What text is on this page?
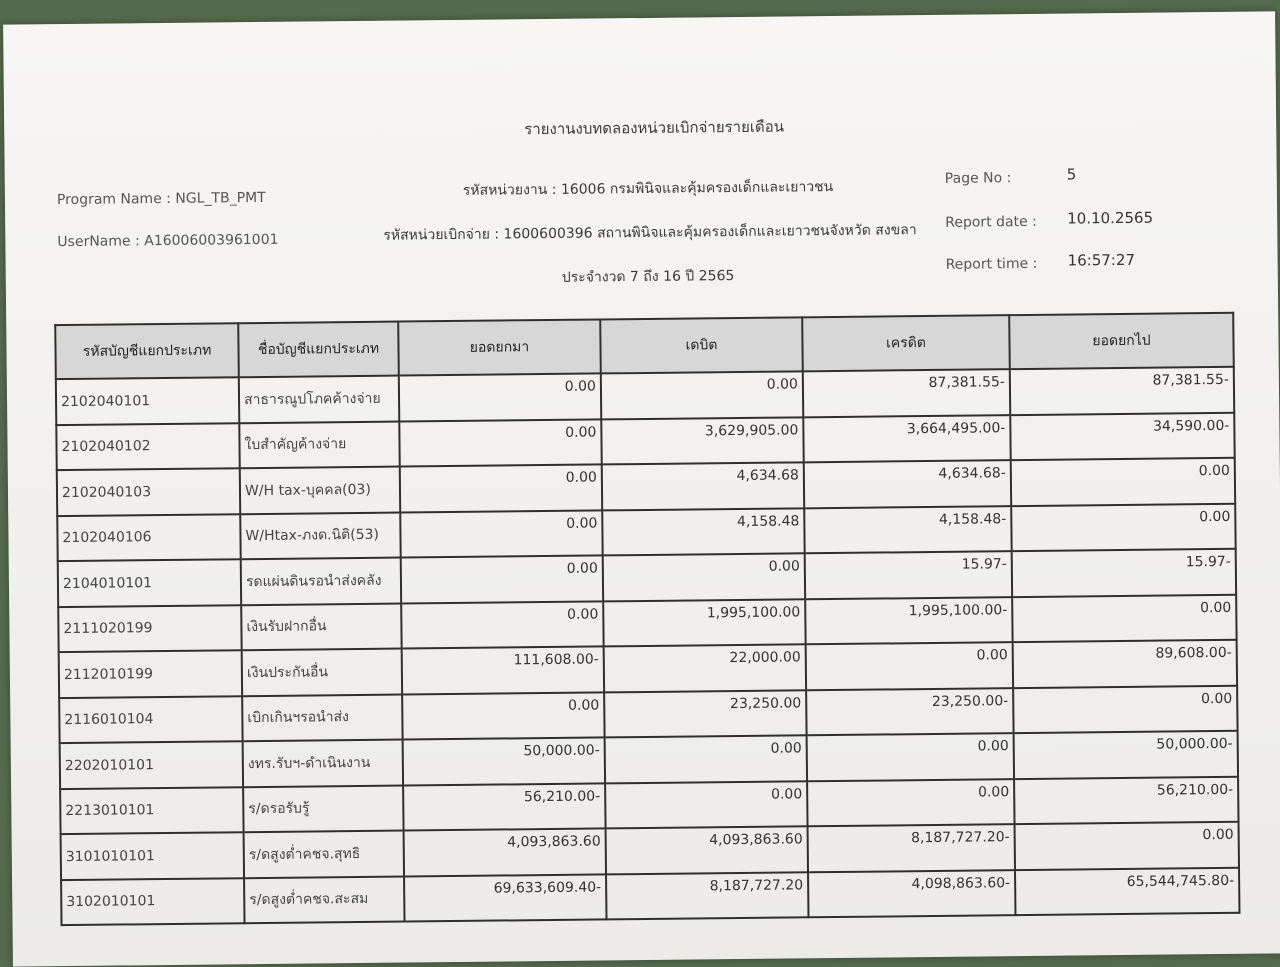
รายงานงบทดลองหน่วยเบิกจ่ายรายเดือน
Program Name : NGL_TB_PMT
UserName : A16006003961001
รหัสหน่วยงาน : 16006 กรมพินิจและคุ้มครองเด็กและเยาวชน
รหัสหน่วยเบิกจ่าย : 1600600396 สถานพินิจและคุ้มครองเด็กและเยาวชนจังหวัด สงขลา
ประจำงวด 7 ถึง 16 ปี 2565
Page No :	5
Report date : 10.10.2565
Report time : 16:57:27
รหัสบัญชีแยกประเภท	ชื่อบัญชีแยกประเภท	ยอดยกมา	เดบิต	เครดิต	ยอดยกไป
2102040101	สาธารณูปโภคค้างจ่าย	0.00	0.00	87,381.55-	87,381.55-
2102040102	ใบสำคัญค้างจ่าย	0.00	3,629,905.00	3,664,495.00-	34,590.00-
2102040103	W/H tax-บุคคล(03)	0.00	4,634.68	4,634.68-	0.00
2102040106	W/Htax-ภงด.นิติ(53)	0.00	4,158.48	4,158.48-	0.00
2104010101	รดแผ่นดินรอนำส่งคลัง	0.00	0.00	15.97-	15.97-
2111020199	เงินรับฝากอื่น	0.00	1,995,100.00	1,995,100.00-	0.00
2112010199	เงินประกันอื่น	111,608.00-	22,000.00	0.00	89,608.00-
2116010104	เบิกเกินฯรอนำส่ง	0.00	23,250.00	23,250.00-	0.00
2202010101	งทร.รับฯ-ดำเนินงาน	50,000.00-	0.00	0.00	50,000.00-
2213010101	ร/ดรอรับรู้	56,210.00-	0.00	0.00	56,210.00-
3101010101	ร/ดสูงต่ำคชจ.สุทธิ	4,093,863.60	4,093,863.60	8,187,727.20-	0.00
3102010101	ร/ดสูงต่ำคชจ.สะสม	69,633,609.40-	8,187,727.20	4,098,863.60-	65,544,745.80-
